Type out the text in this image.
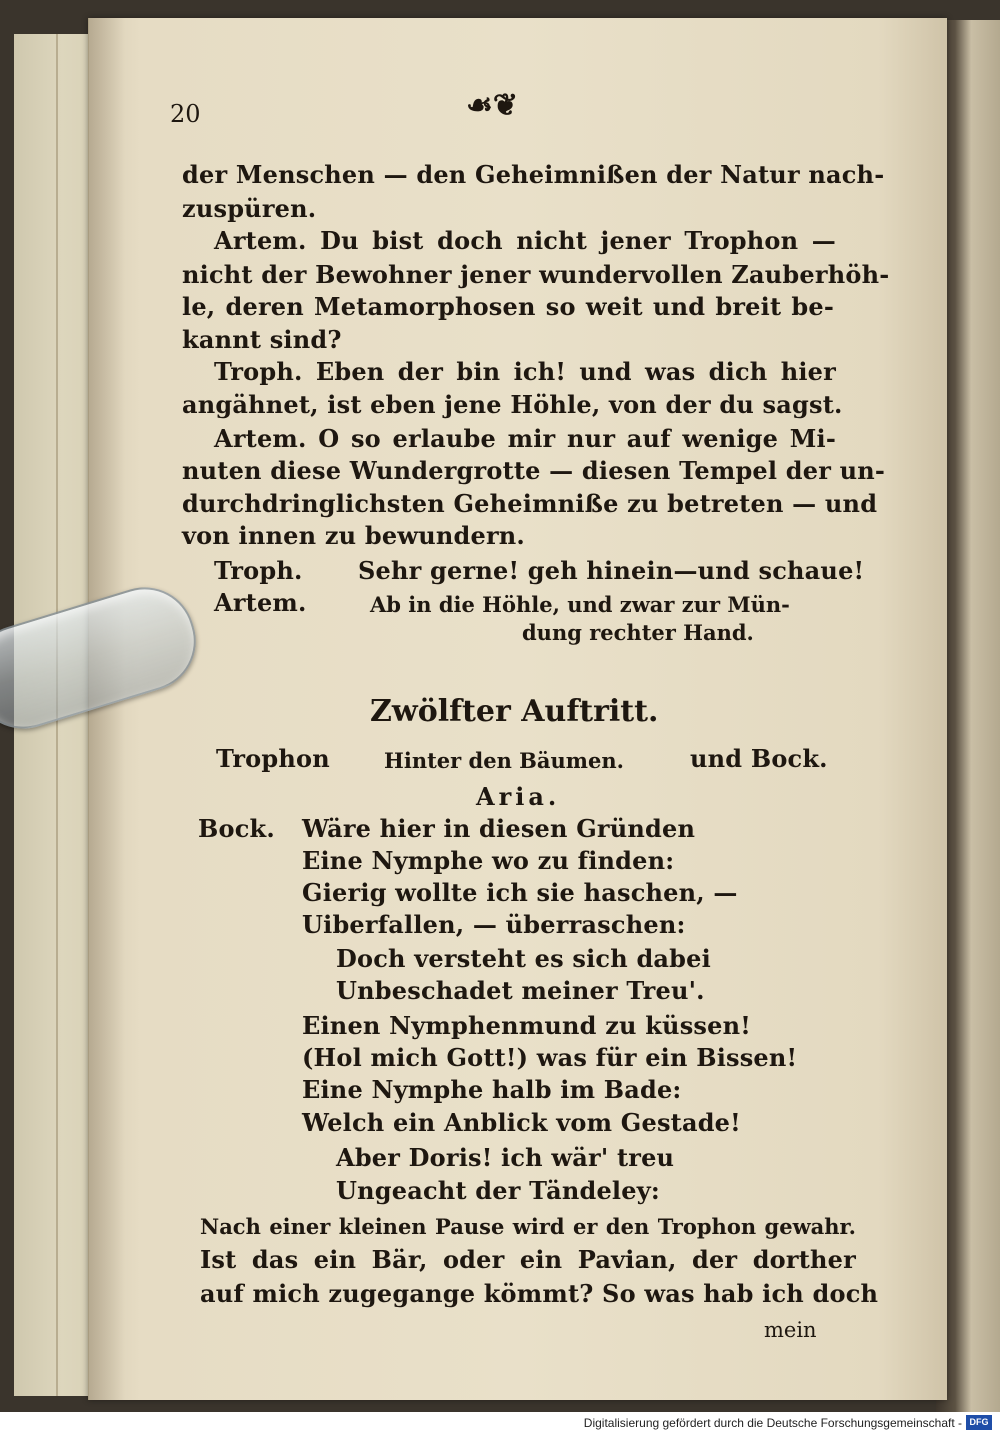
20	☙❦
der Menschen — den Geheimnißen der Natur nach-
zuspüren.
Artem. Du bist doch nicht jener Trophon —
nicht der Bewohner jener wundervollen Zauberhöh-
le, deren Metamorphosen so weit und breit be-
kannt sind?
Troph. Eben der bin ich! und was dich hier
angähnet, ist eben jene Höhle, von der du sagst.
Artem. O so erlaube mir nur auf wenige Mi-
nuten diese Wundergrotte — diesen Tempel der un-
durchdringlichsten Geheimniße zu betreten — und
von innen zu bewundern.
Troph. Sehr gerne! geh hinein—und schaue!
Artem.	Ab in die Höhle, und zwar zur Mün-
dung rechter Hand.
Zwölfter Auftritt.
Trophon	Hinter den Bäumen.	und Bock.
Aria.
Bock. Wäre hier in diesen Gründen
Eine Nymphe wo zu finden:
Gierig wollte ich sie haschen, —
Uiberfallen, — überraschen:
Doch versteht es sich dabei
Unbeschadet meiner Treu'.
Einen Nymphenmund zu küssen!
(Hol mich Gott!) was für ein Bissen!
Eine Nymphe halb im Bade:
Welch ein Anblick vom Gestade!
Aber Doris! ich wär' treu
Ungeacht der Tändeley:
Nach einer kleinen Pause wird er den Trophon gewahr.
Ist das ein Bär, oder ein Pavian, der dorther
auf mich zugegange kömmt? So was hab ich doch
mein
Digitalisierung gefördert durch die Deutsche Forschungsgemeinschaft - DFG
